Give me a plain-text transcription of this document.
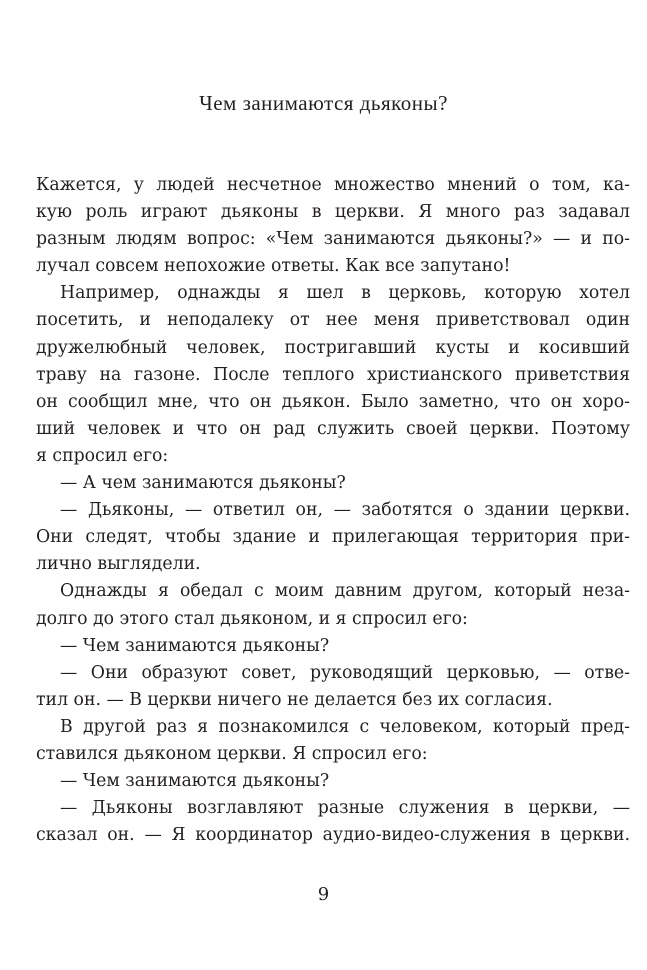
Чем занимаются дьяконы?
Кажется, у людей несчетное множество мнений о том, ка-
кую роль играют дьяконы в церкви. Я много раз задавал
разным людям вопрос: «Чем занимаются дьяконы?» — и по-
лучал совсем непохожие ответы. Как все запутано!
Например, однажды я шел в церковь, которую хотел
посетить, и неподалеку от нее меня приветствовал один
дружелюбный человек, постригавший кусты и косивший
траву на газоне. После теплого христианского приветствия
он сообщил мне, что он дьякон. Было заметно, что он хоро-
ший человек и что он рад служить своей церкви. Поэтому
я спросил его:
— А чем занимаются дьяконы?
— Дьяконы, — ответил он, — заботятся о здании церкви.
Они следят, чтобы здание и прилегающая территория при-
лично выглядели.
Однажды я обедал с моим давним другом, который неза-
долго до этого стал дьяконом, и я спросил его:
— Чем занимаются дьяконы?
— Они образуют совет, руководящий церковью, — отве-
тил он. — В церкви ничего не делается без их согласия.
В другой раз я познакомился с человеком, который пред-
ставился дьяконом церкви. Я спросил его:
— Чем занимаются дьяконы?
— Дьяконы возглавляют разные служения в церкви, —
сказал он. — Я координатор аудио-видео-служения в церкви.
9
